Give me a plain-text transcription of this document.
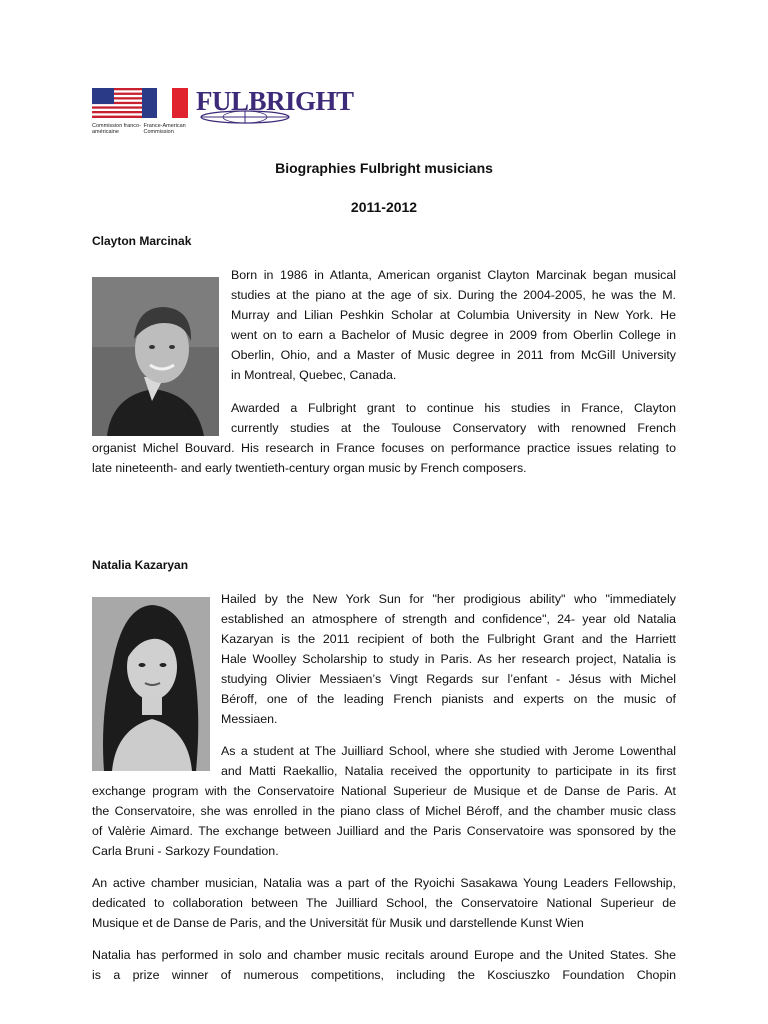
FULBRIGHT
Commission franco-américaine France-American Commission
Biographies Fulbright musicians
2011-2012
Clayton Marcinak
Born in 1986 in Atlanta, American organist Clayton Marcinak began musical
studies at the piano at the age of six. During the 2004-2005, he was the M.
Murray and Lilian Peshkin Scholar at Columbia University in New York. He
went on to earn a Bachelor of Music degree in 2009 from Oberlin College in
Oberlin, Ohio, and a Master of Music degree in 2011 from McGill University
in Montreal, Quebec, Canada.
Awarded a Fulbright grant to continue his studies in France, Clayton
currently studies at the Toulouse Conservatory with renowned French
organist Michel Bouvard. His research in France focuses on performance practice issues relating to
late nineteenth- and early twentieth-century organ music by French composers.
Natalia Kazaryan
Hailed by the New York Sun for "her prodigious ability" who "immediately
established an atmosphere of strength and confidence", 24- year old Natalia
Kazaryan is the 2011 recipient of both the Fulbright Grant and the Harriett
Hale Woolley Scholarship to study in Paris. As her research project, Natalia is
studying Olivier Messiaen’s Vingt Regards sur l’enfant - Jésus with Michel
Béroff, one of the leading French pianists and experts on the music of
Messiaen.
As a student at The Juilliard School, where she studied with Jerome Lowenthal
and Matti Raekallio, Natalia received the opportunity to participate in its first
exchange program with the Conservatoire National Superieur de Musique et de Danse de Paris. At
the Conservatoire, she was enrolled in the piano class of Michel Béroff, and the chamber music class
of Valèrie Aimard. The exchange between Juilliard and the Paris Conservatoire was sponsored by the
Carla Bruni - Sarkozy Foundation.
An active chamber musician, Natalia was a part of the Ryoichi Sasakawa Young Leaders Fellowship,
dedicated to collaboration between The Juilliard School, the Conservatoire National Superieur de
Musique et de Danse de Paris, and the Universität für Musik und darstellende Kunst Wien
Natalia has performed in solo and chamber music recitals around Europe and the United States. She
is a prize winner of numerous competitions, including the Kosciuszko Foundation Chopin
